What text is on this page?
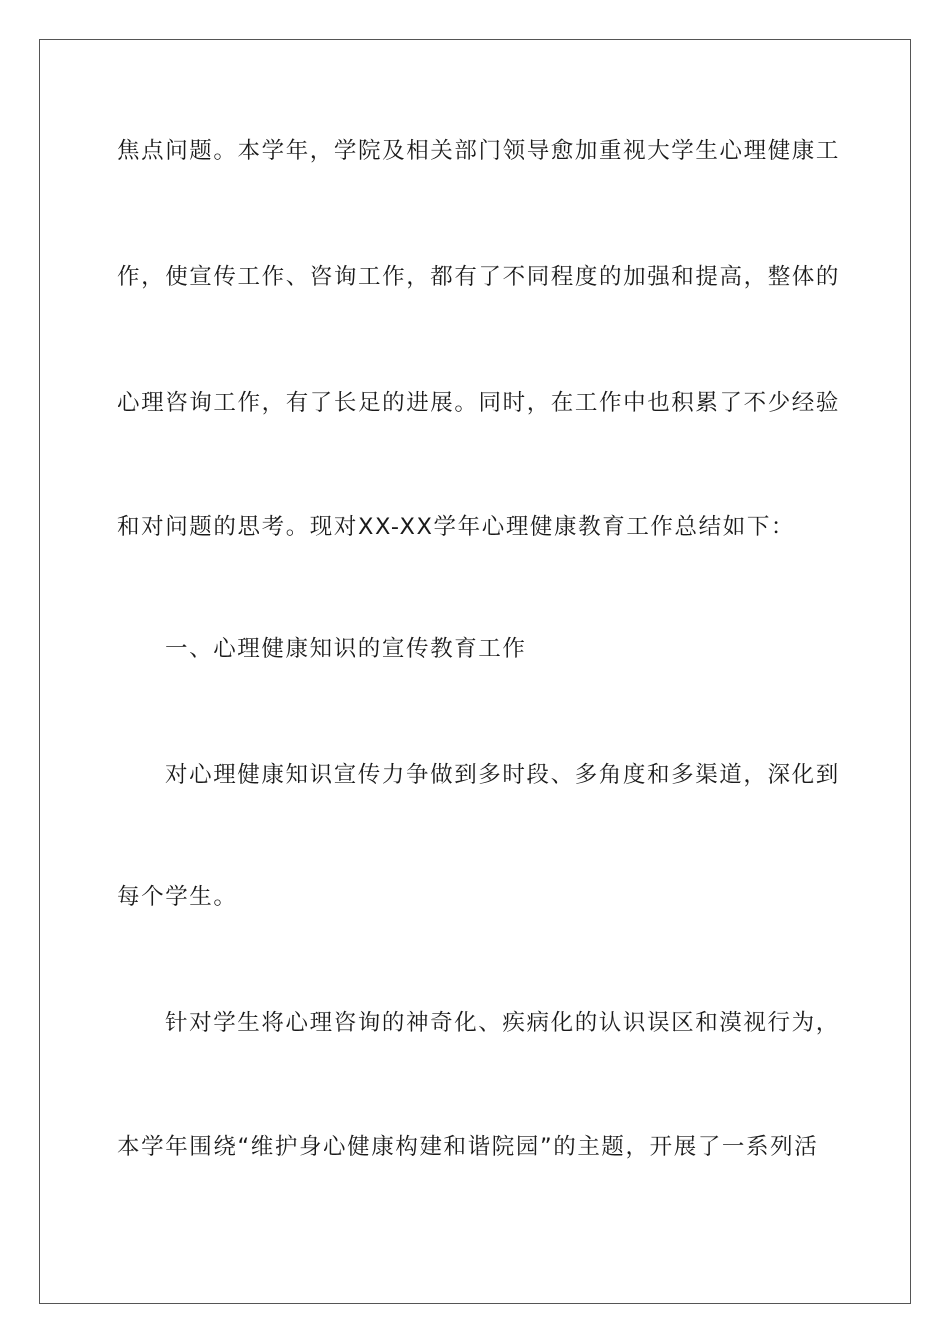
焦点问题。本学年，学院及相关部门领导愈加重视大学生心理健康工
作，使宣传工作、咨询工作，都有了不同程度的加强和提高，整体的
心理咨询工作，有了长足的进展。同时，在工作中也积累了不少经验
和对问题的思考。现对XX-XX学年心理健康教育工作总结如下：
一、心理健康知识的宣传教育工作
对心理健康知识宣传力争做到多时段、多角度和多渠道，深化到
每个学生。
针对学生将心理咨询的神奇化、疾病化的认识误区和漠视行为，
本学年围绕“维护身心健康构建和谐院园”的主题，开展了一系列活
